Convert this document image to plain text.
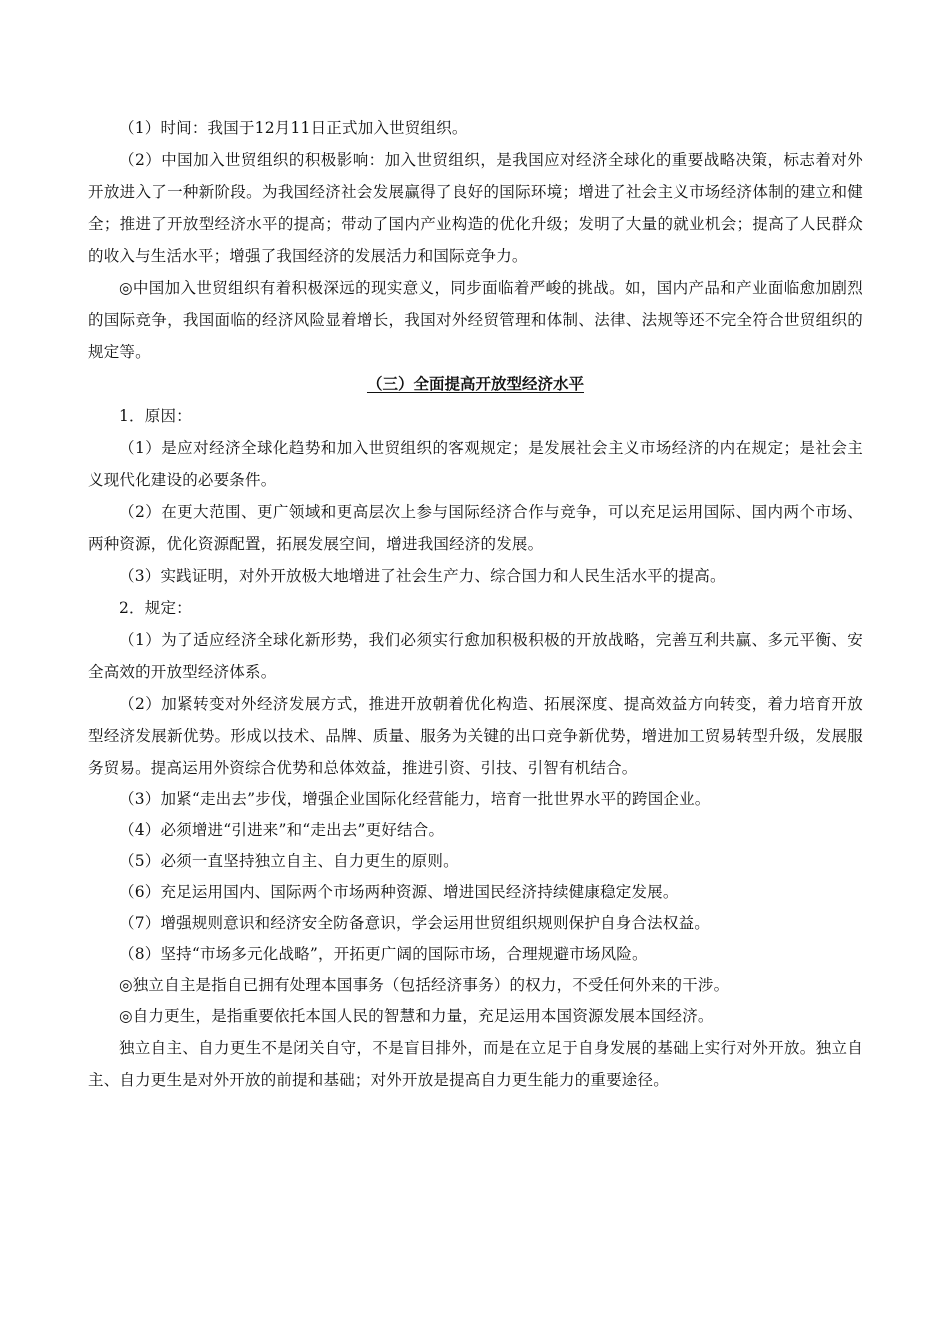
（1）时间：我国于12月11日正式加入世贸组织。

（2）中国加入世贸组织的积极影响：加入世贸组织，是我国应对经济全球化的重要战略决策，标志着对外开放进入了一种新阶段。为我国经济社会发展赢得了良好的国际环境；增进了社会主义市场经济体制的建立和健全；推进了开放型经济水平的提高；带动了国内产业构造的优化升级；发明了大量的就业机会；提高了人民群众的收入与生活水平；增强了我国经济的发展活力和国际竞争力。

◎中国加入世贸组织有着积极深远的现实意义，同步面临着严峻的挑战。如，国内产品和产业面临愈加剧烈的国际竞争，我国面临的经济风险显着增长，我国对外经贸管理和体制、法律、法规等还不完全符合世贸组织的规定等。

（三）全面提高开放型经济水平

1．原因：

（1）是应对经济全球化趋势和加入世贸组织的客观规定；是发展社会主义市场经济的内在规定；是社会主义现代化建设的必要条件。

（2）在更大范围、更广领域和更高层次上参与国际经济合作与竞争，可以充足运用国际、国内两个市场、两种资源，优化资源配置，拓展发展空间，增进我国经济的发展。

（3）实践证明，对外开放极大地增进了社会生产力、综合国力和人民生活水平的提高。

2．规定：

（1）为了适应经济全球化新形势，我们必须实行愈加积极积极的开放战略，完善互利共赢、多元平衡、安全高效的开放型经济体系。

（2）加紧转变对外经济发展方式，推进开放朝着优化构造、拓展深度、提高效益方向转变，着力培育开放型经济发展新优势。形成以技术、品牌、质量、服务为关键的出口竞争新优势，增进加工贸易转型升级，发展服务贸易。提高运用外资综合优势和总体效益，推进引资、引技、引智有机结合。

（3）加紧“走出去”步伐，增强企业国际化经营能力，培育一批世界水平的跨国企业。

（4）必须增进“引进来”和“走出去”更好结合。

（5）必须一直坚持独立自主、自力更生的原则。

（6）充足运用国内、国际两个市场两种资源、增进国民经济持续健康稳定发展。

（7）增强规则意识和经济安全防备意识，学会运用世贸组织规则保护自身合法权益。

（8）坚持“市场多元化战略”，开拓更广阔的国际市场，合理规避市场风险。

◎独立自主是指自已拥有处理本国事务（包括经济事务）的权力，不受任何外来的干涉。

◎自力更生，是指重要依托本国人民的智慧和力量，充足运用本国资源发展本国经济。

独立自主、自力更生不是闭关自守，不是盲目排外，而是在立足于自身发展的基础上实行对外开放。独立自主、自力更生是对外开放的前提和基础；对外开放是提高自力更生能力的重要途径。
